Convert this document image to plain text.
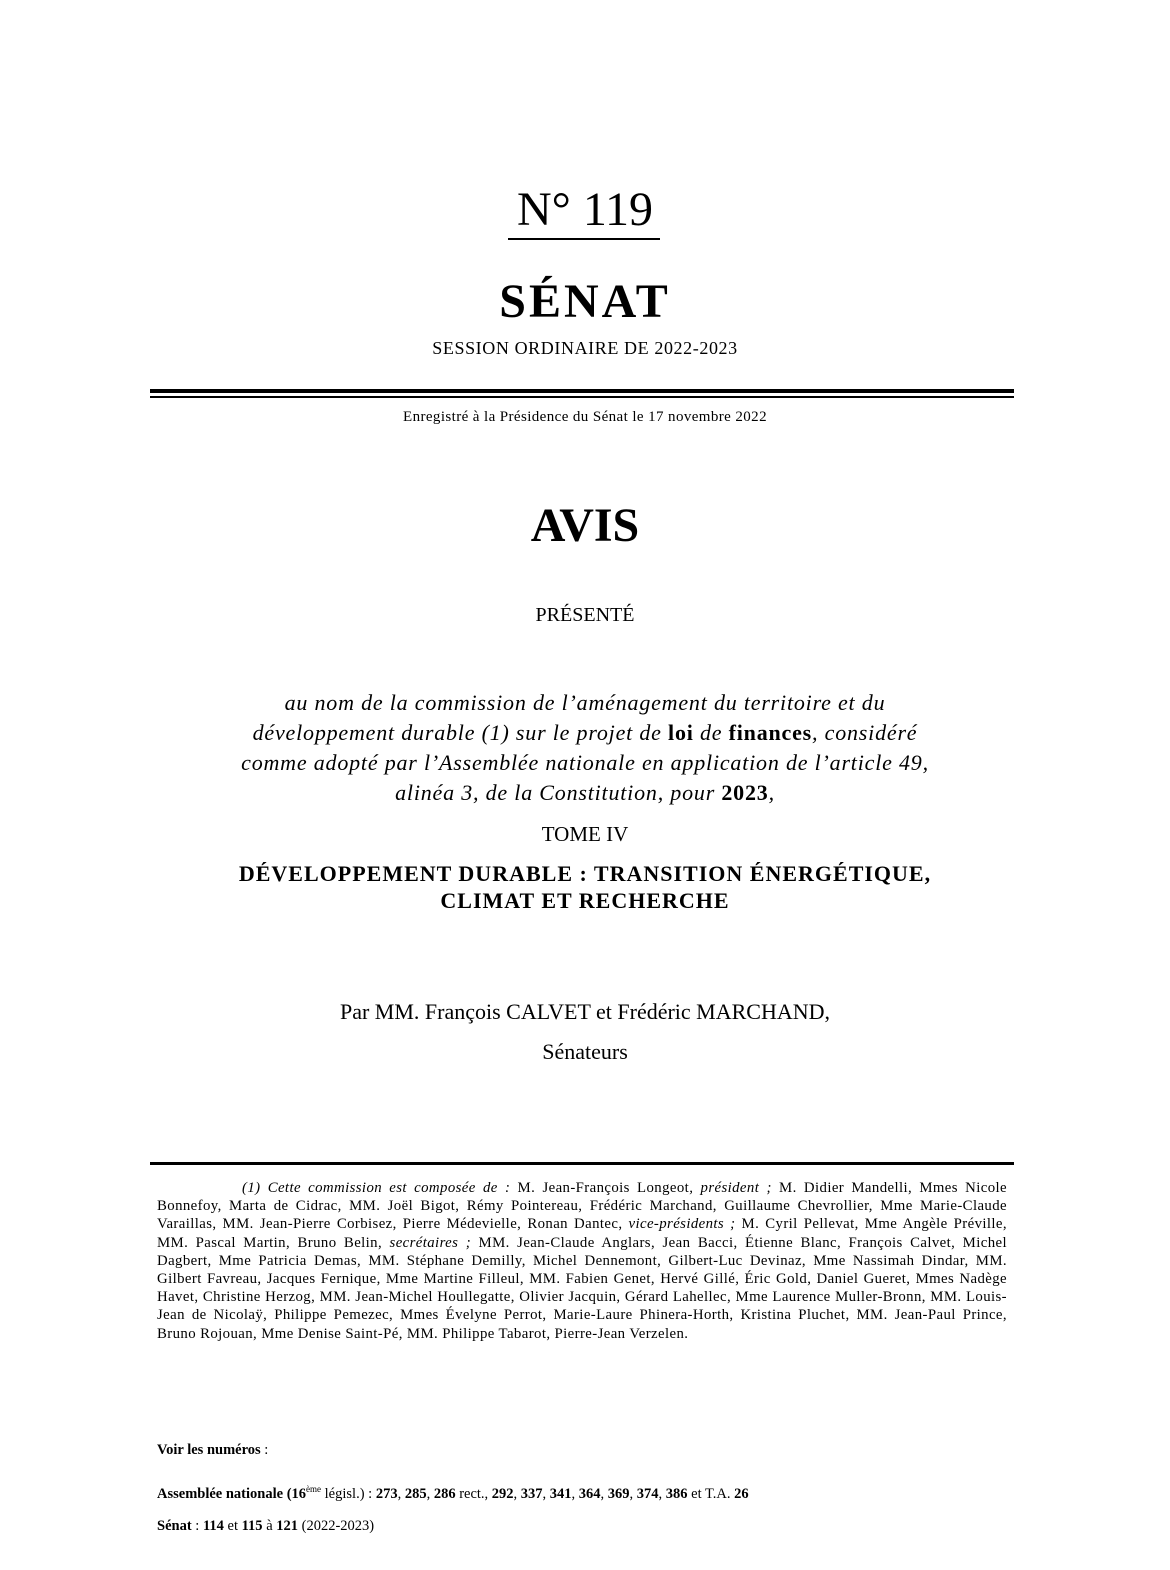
N° 119
SÉNAT
SESSION ORDINAIRE DE 2022-2023
Enregistré à la Présidence du Sénat le 17 novembre 2022
AVIS
PRÉSENTÉ
au nom de la commission de l’aménagement du territoire et du
développement durable (1) sur le projet de loi de finances, considéré
comme adopté par l’Assemblée nationale en application de l’article 49,
alinéa 3, de la Constitution, pour 2023,
TOME IV
DÉVELOPPEMENT DURABLE : TRANSITION ÉNERGÉTIQUE,
CLIMAT ET RECHERCHE
Par MM. François CALVET et Frédéric MARCHAND,
Sénateurs
(1) Cette commission est composée de : M. Jean-François Longeot, président ; M. Didier Mandelli, Mmes Nicole Bonnefoy, Marta de Cidrac, MM. Joël Bigot, Rémy Pointereau, Frédéric Marchand, Guillaume Chevrollier, Mme Marie-Claude Varaillas, MM. Jean-Pierre Corbisez, Pierre Médevielle, Ronan Dantec, vice-présidents ; M. Cyril Pellevat, Mme Angèle Préville, MM. Pascal Martin, Bruno Belin, secrétaires ; MM. Jean-Claude Anglars, Jean Bacci, Étienne Blanc, François Calvet, Michel Dagbert, Mme Patricia Demas, MM. Stéphane Demilly, Michel Dennemont, Gilbert-Luc Devinaz, Mme Nassimah Dindar, MM. Gilbert Favreau, Jacques Fernique, Mme Martine Filleul, MM. Fabien Genet, Hervé Gillé, Éric Gold, Daniel Gueret, Mmes Nadège Havet, Christine Herzog, MM. Jean-Michel Houllegatte, Olivier Jacquin, Gérard Lahellec, Mme Laurence Muller-Bronn, MM. Louis-Jean de Nicolaÿ, Philippe Pemezec, Mmes Évelyne Perrot, Marie-Laure Phinera-Horth, Kristina Pluchet, MM. Jean-Paul Prince, Bruno Rojouan, Mme Denise Saint-Pé, MM. Philippe Tabarot, Pierre-Jean Verzelen.
Voir les numéros :
Assemblée nationale (16ème législ.) : 273, 285, 286 rect., 292, 337, 341, 364, 369, 374, 386 et T.A. 26
Sénat : 114 et 115 à 121 (2022-2023)
